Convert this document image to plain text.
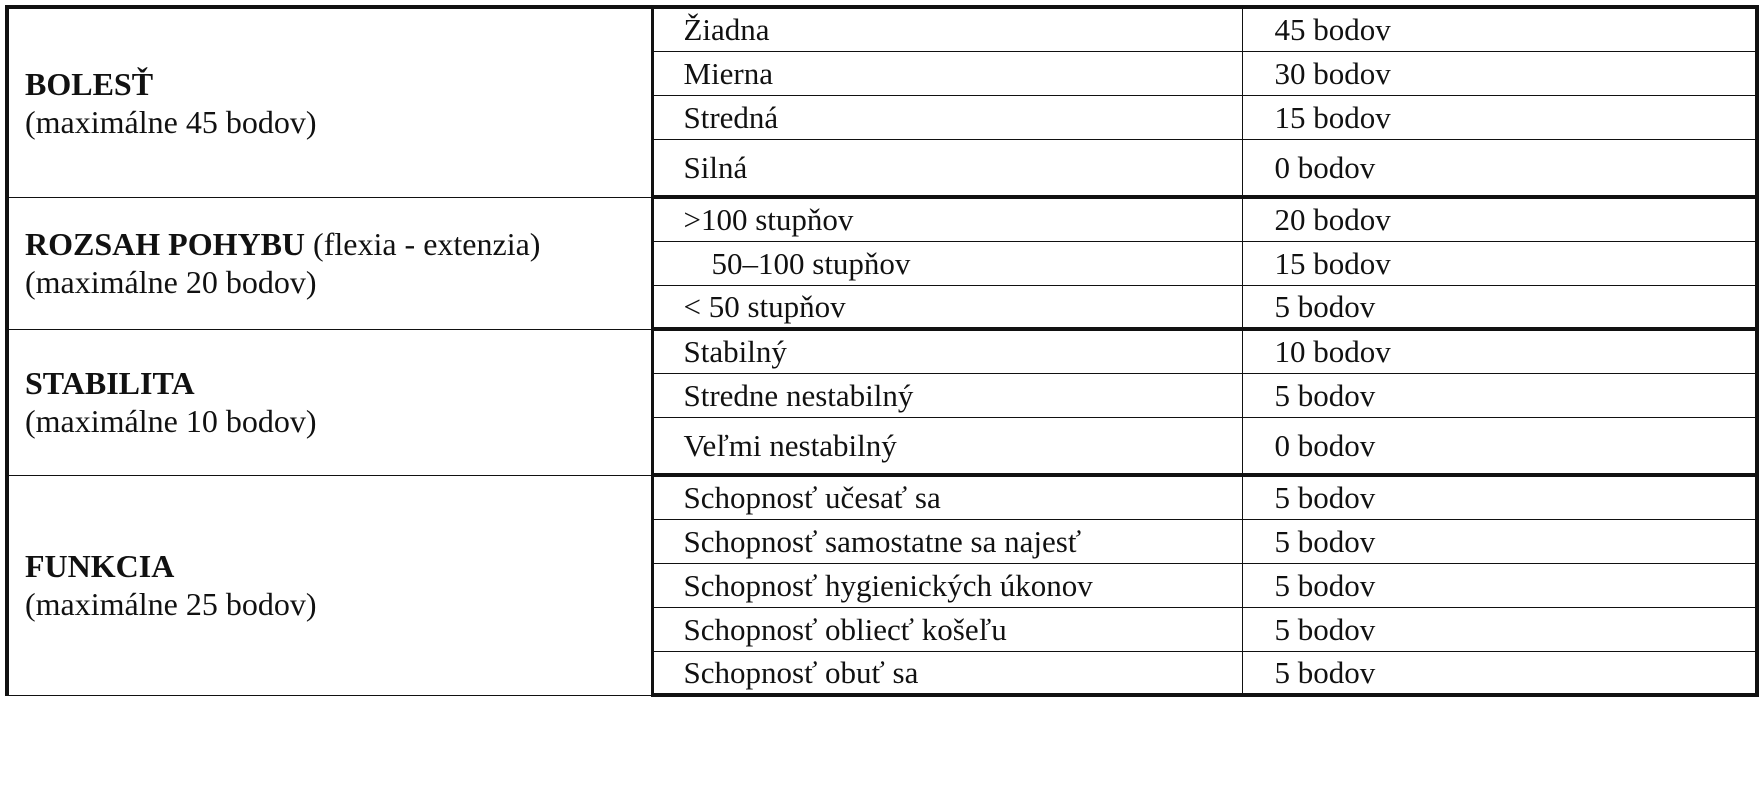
BOLESŤ
(maximálne 45 bodov)	Žiadna	45 bodov
	Mierna	30 bodov
	Stredná	15 bodov
	Silná	0 bodov
ROZSAH POHYBU (flexia - extenzia)
(maximálne 20 bodov)	>100 stupňov	20 bodov
	50–100 stupňov	15 bodov
	< 50 stupňov	5 bodov
STABILITA
(maximálne 10 bodov)	Stabilný	10 bodov
	Stredne nestabilný	5 bodov
	Veľmi nestabilný	0 bodov
FUNKCIA
(maximálne 25 bodov)	Schopnosť učesať sa	5 bodov
	Schopnosť samostatne sa najesť	5 bodov
	Schopnosť hygienických úkonov	5 bodov
	Schopnosť obliecť košeľu	5 bodov
	Schopnosť obuť sa	5 bodov
